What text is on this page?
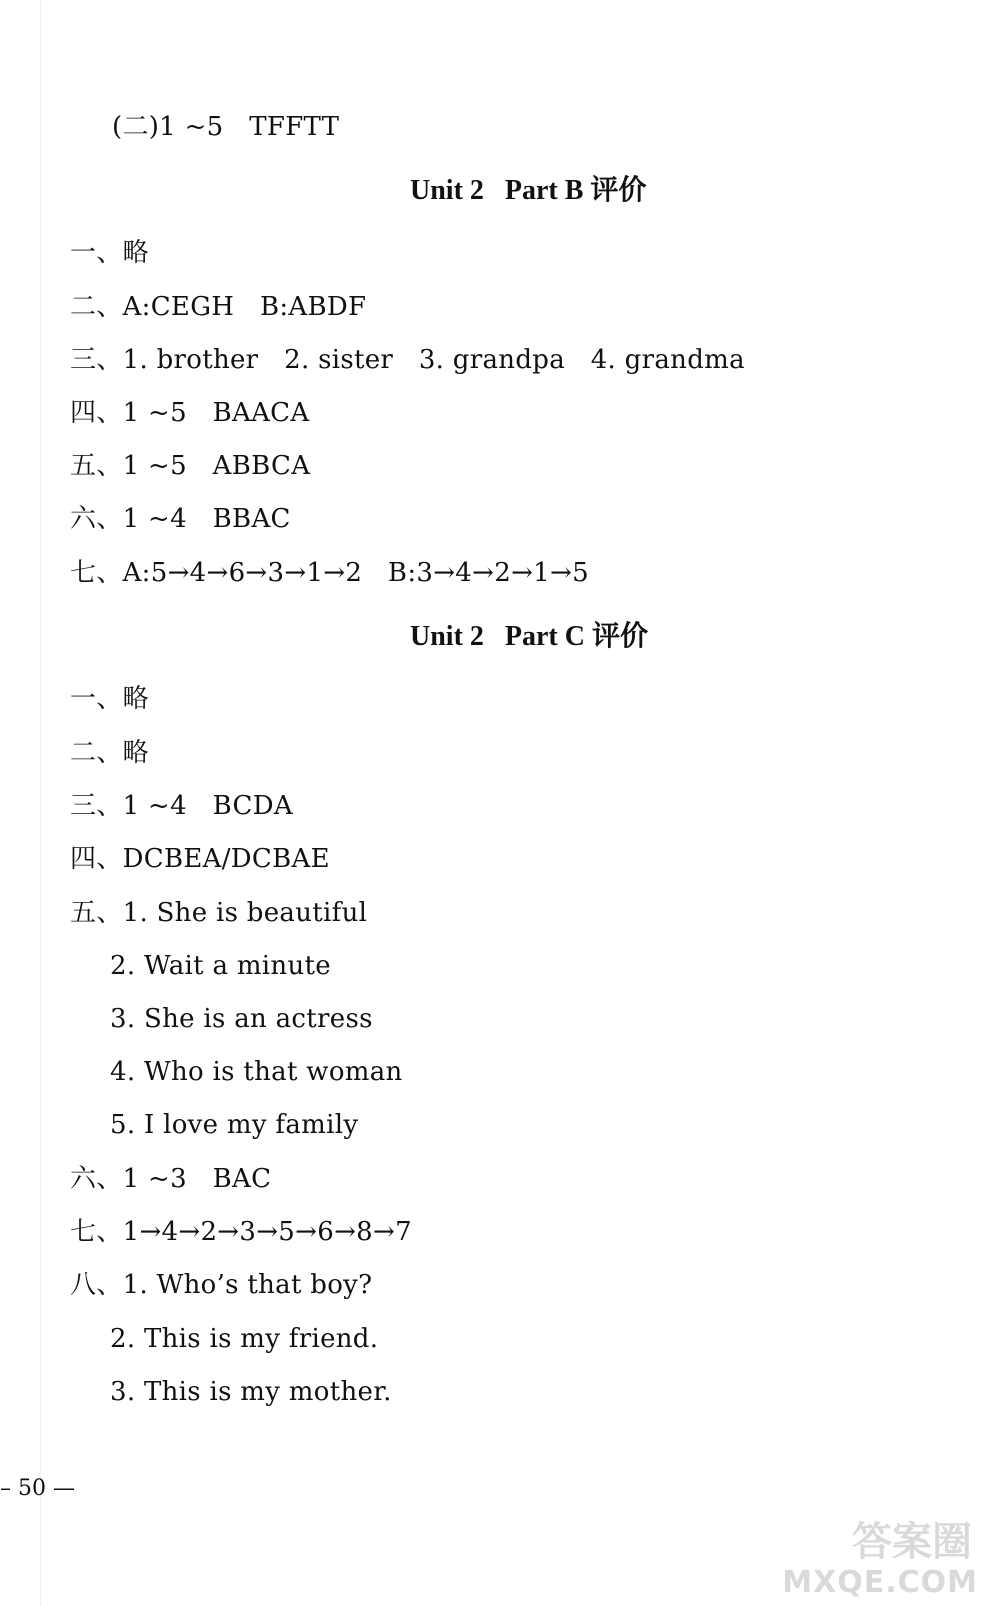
(二)1 ~5   TFFTT
Unit 2   Part B 评价
一、略
二、A:CEGH   B:ABDF
三、1. brother   2. sister   3. grandpa   4. grandma
四、1 ~5   BAACA
五、1 ~5   ABBCA
六、1 ~4   BBAC
七、A:5→4→6→3→1→2   B:3→4→2→1→5
Unit 2   Part C 评价
一、略
二、略
三、1 ~4   BCDA
四、DCBEA/DCBAE
五、1. She is beautiful
2. Wait a minute
3. She is an actress
4. Who is that woman
5. I love my family
六、1 ~3   BAC
七、1→4→2→3→5→6→8→7
八、1. Who’s that boy?
2. This is my friend.
3. This is my mother.
– 50 —
答案圈
MXQE.COM
